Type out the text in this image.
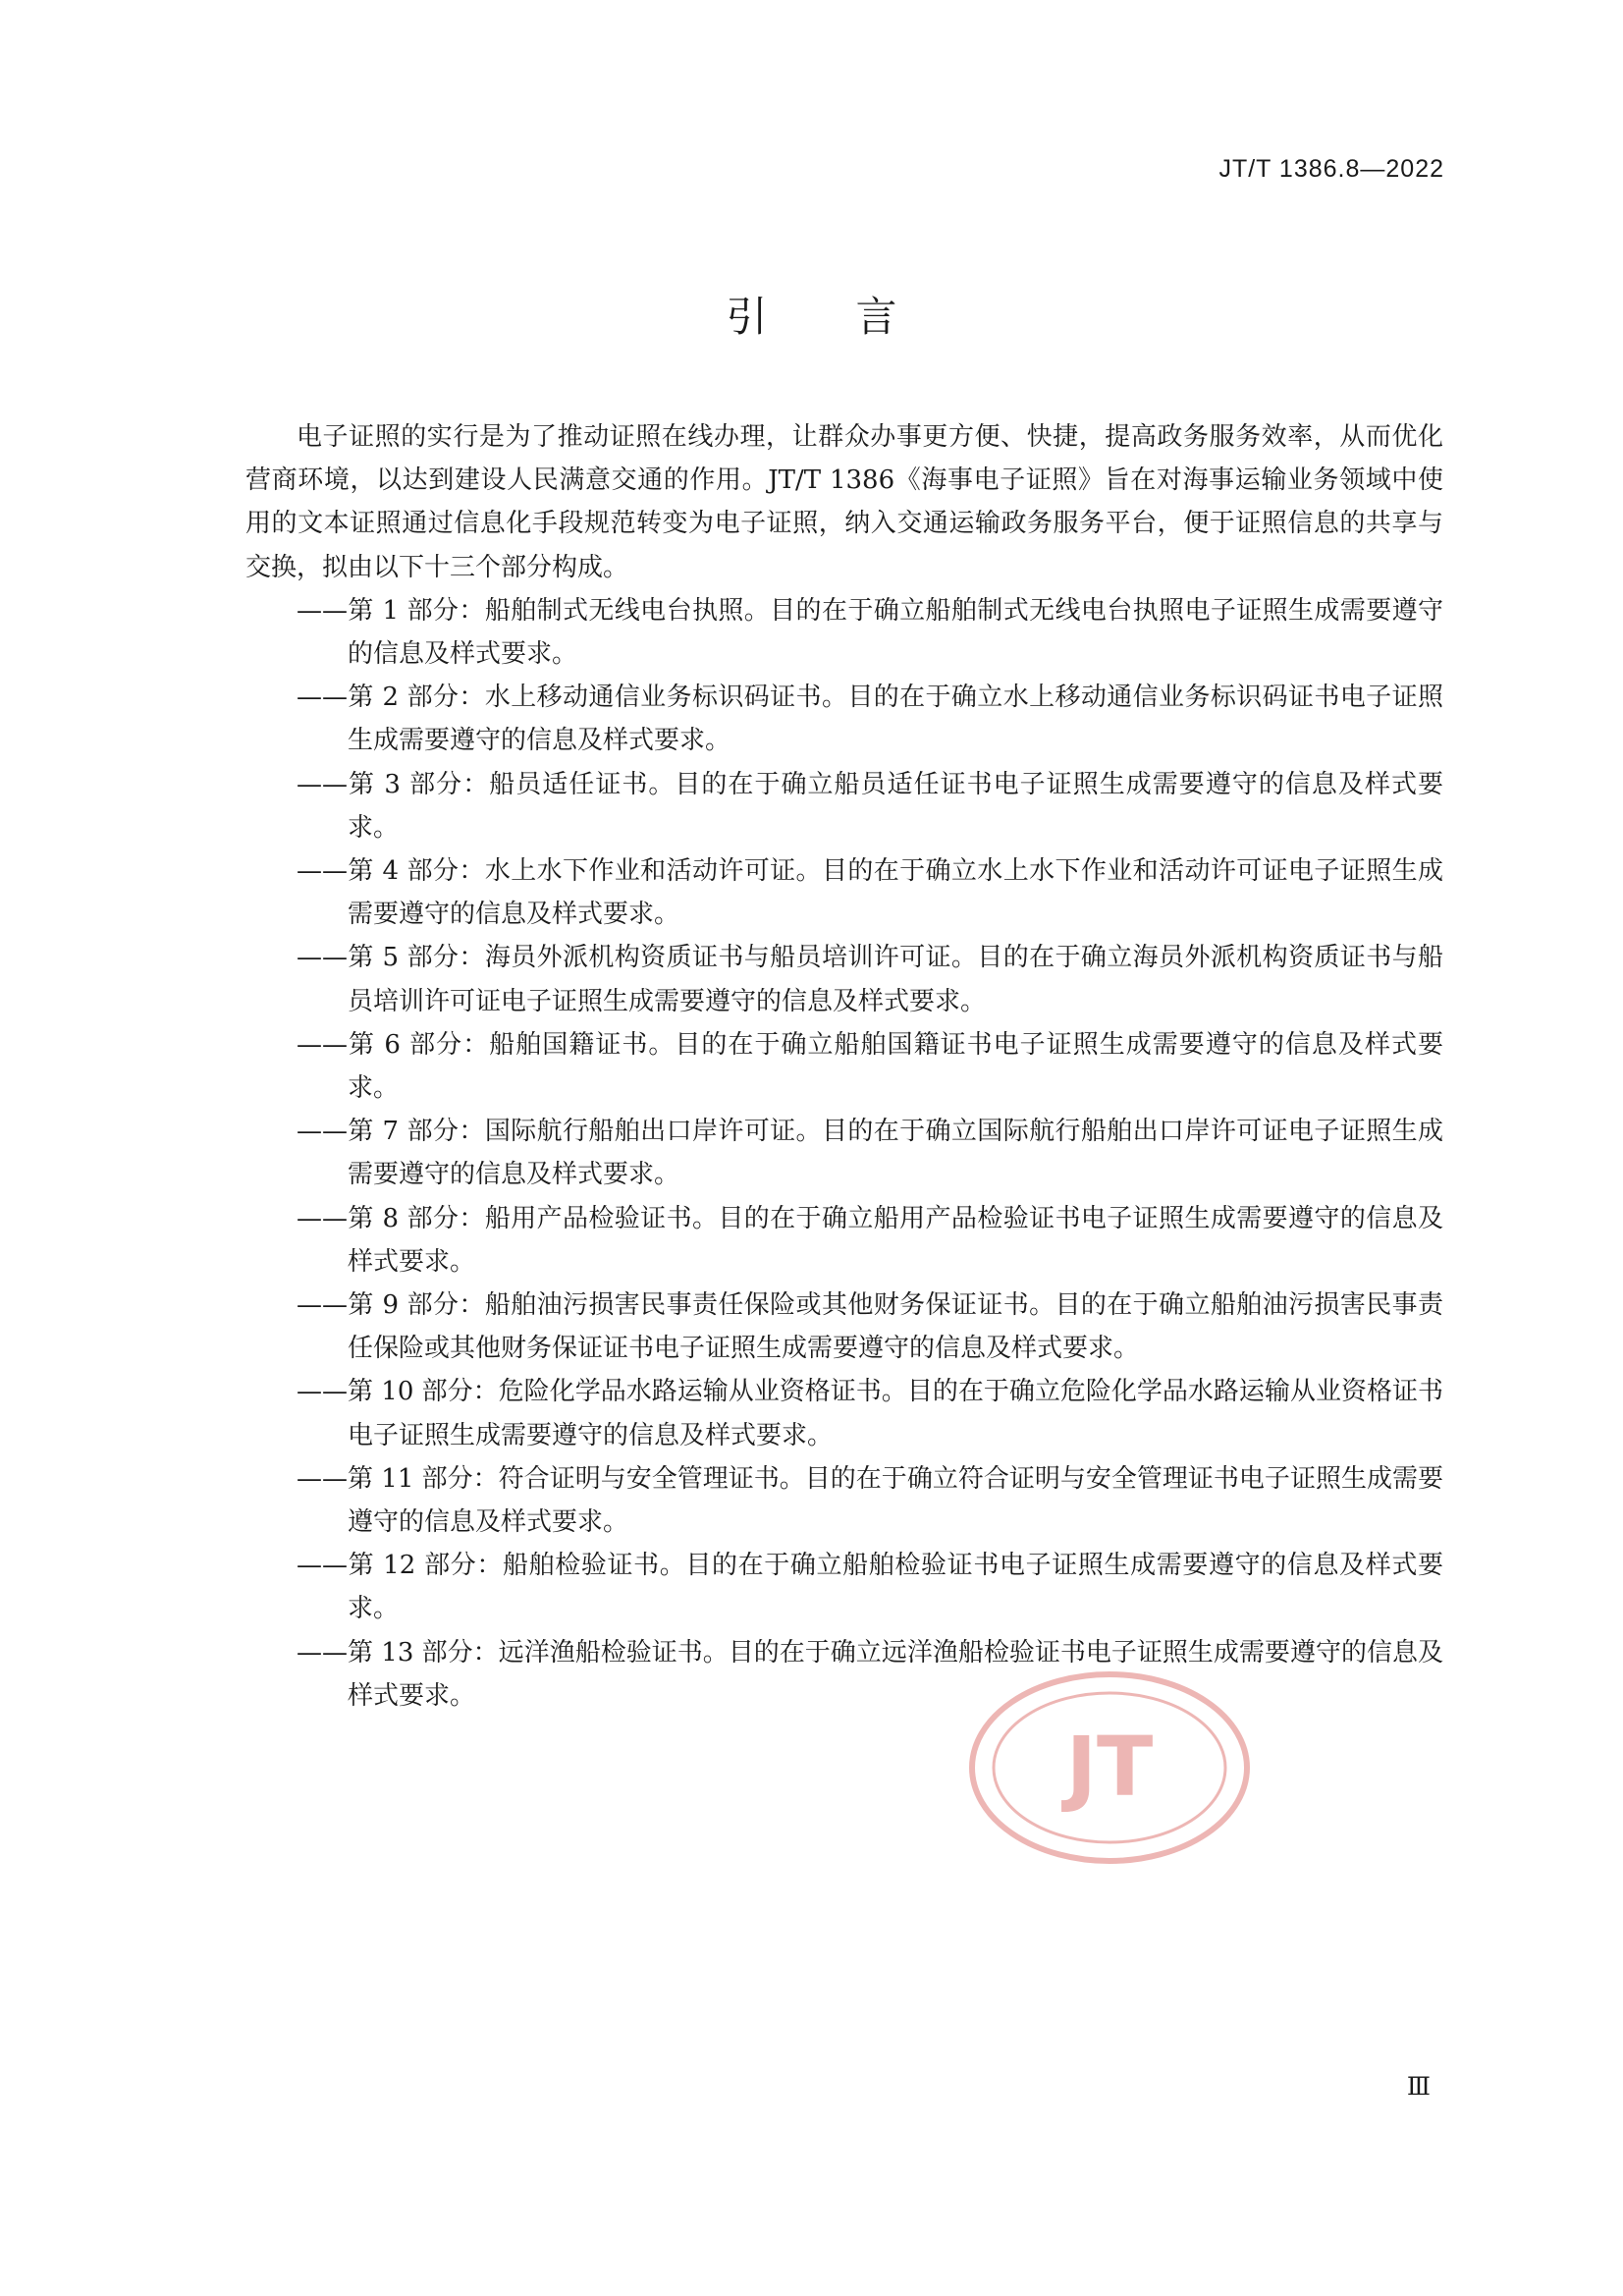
JT/T 1386.8—2022
引言

电子证照的实行是为了推动证照在线办理，让群众办事更方便、快捷，提高政务服务效率，从而优化营商环境，以达到建设人民满意交通的作用。JT/T 1386《海事电子证照》旨在对海事运输业务领域中使用的文本证照通过信息化手段规范转变为电子证照，纳入交通运输政务服务平台，便于证照信息的共享与交换，拟由以下十三个部分构成。

——第 1 部分：船舶制式无线电台执照。目的在于确立船舶制式无线电台执照电子证照生成需要遵守的信息及样式要求。

——第 2 部分：水上移动通信业务标识码证书。目的在于确立水上移动通信业务标识码证书电子证照生成需要遵守的信息及样式要求。

——第 3 部分：船员适任证书。目的在于确立船员适任证书电子证照生成需要遵守的信息及样式要求。

——第 4 部分：水上水下作业和活动许可证。目的在于确立水上水下作业和活动许可证电子证照生成需要遵守的信息及样式要求。

——第 5 部分：海员外派机构资质证书与船员培训许可证。目的在于确立海员外派机构资质证书与船员培训许可证电子证照生成需要遵守的信息及样式要求。

——第 6 部分：船舶国籍证书。目的在于确立船舶国籍证书电子证照生成需要遵守的信息及样式要求。

——第 7 部分：国际航行船舶出口岸许可证。目的在于确立国际航行船舶出口岸许可证电子证照生成需要遵守的信息及样式要求。

——第 8 部分：船用产品检验证书。目的在于确立船用产品检验证书电子证照生成需要遵守的信息及样式要求。

——第 9 部分：船舶油污损害民事责任保险或其他财务保证证书。目的在于确立船舶油污损害民事责任保险或其他财务保证证书电子证照生成需要遵守的信息及样式要求。

——第 10 部分：危险化学品水路运输从业资格证书。目的在于确立危险化学品水路运输从业资格证书电子证照生成需要遵守的信息及样式要求。

——第 11 部分：符合证明与安全管理证书。目的在于确立符合证明与安全管理证书电子证照生成需要遵守的信息及样式要求。

——第 12 部分：船舶检验证书。目的在于确立船舶检验证书电子证照生成需要遵守的信息及样式要求。

——第 13 部分：远洋渔船检验证书。目的在于确立远洋渔船检验证书电子证照生成需要遵守的信息及样式要求。

JT
Ⅲ
